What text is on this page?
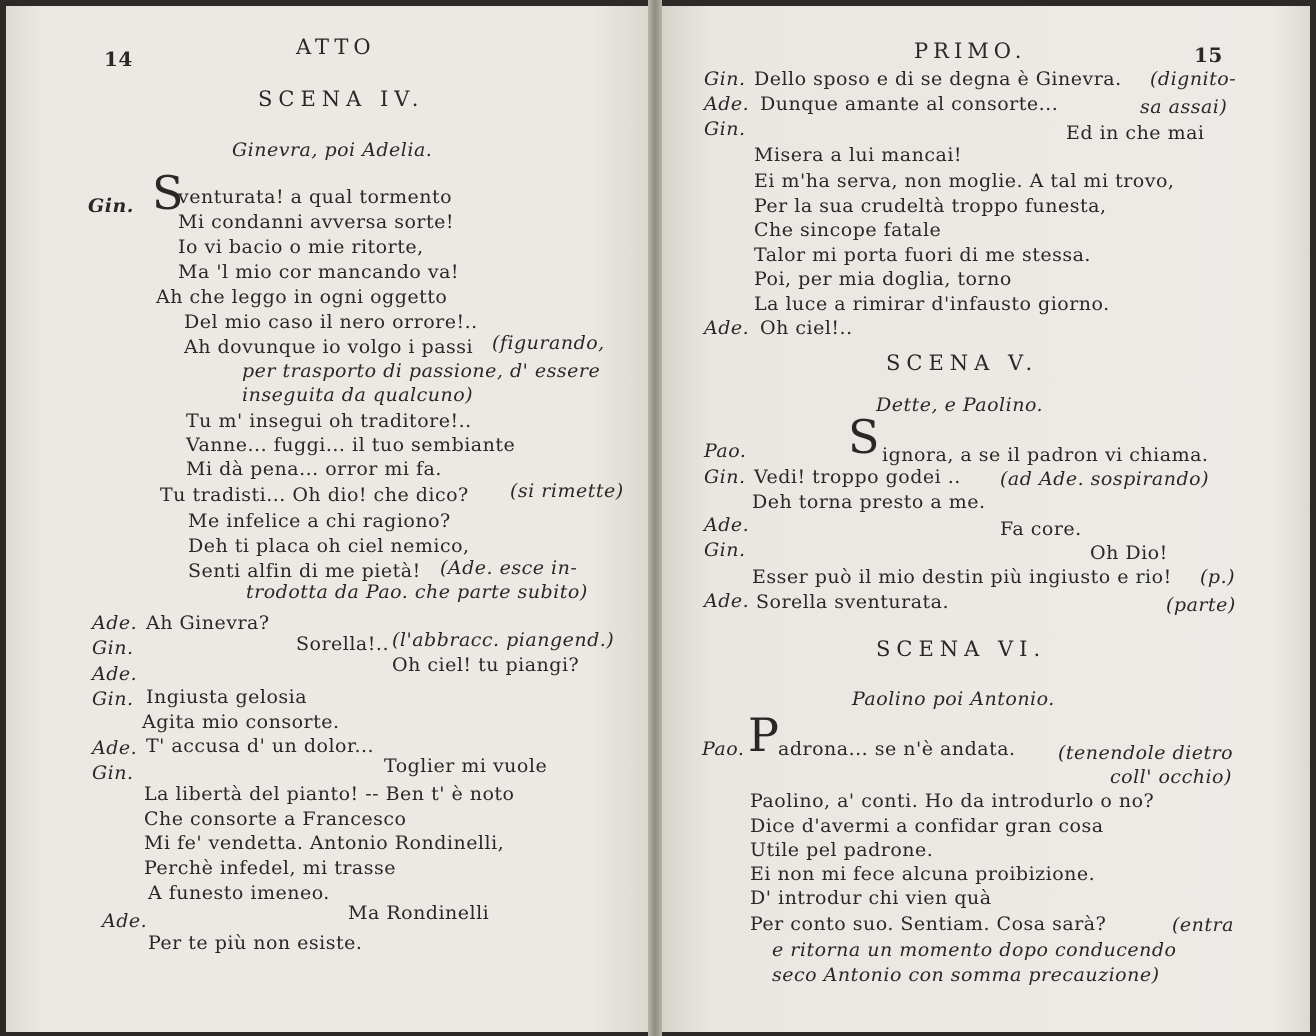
14	ATTO
SCENA IV.
Ginevra, poi Adelia.
Gin. S
venturata! a qual tormento
Mi condanni avversa sorte!
Io vi bacio o mie ritorte,
Ma 'l mio cor mancando va!
Ah che leggo in ogni oggetto
Del mio caso il nero orrore!..
Ah dovunque io volgo i passi (figurando,
per trasporto di passione, d' essere
inseguita da qualcuno)
Tu m' insegui oh traditore!..
Vanne... fuggi... il tuo sembiante
Mi dà pena... orror mi fa.
Tu tradisti... Oh dio! che dico? (si rimette)
Me infelice a chi ragiono?
Deh ti placa oh ciel nemico,
Senti alfin di me pietà! (Ade. esce in-
trodotta da Pao. che parte subito)
Ade. Ah Ginevra?
Gin.	Sorella!.. (l'abbracc. piangend.)
Ade.	Oh ciel! tu piangi?
Gin. Ingiusta gelosia
Agita mio consorte.
Ade. T' accusa d' un dolor...
Gin.	Toglier mi vuole
La libertà del pianto! -- Ben t' è noto
Che consorte a Francesco
Mi fe' vendetta. Antonio Rondinelli,
Perchè infedel, mi trasse
A funesto imeneo.
Ade.	Ma Rondinelli
Per te più non esiste.
PRIMO.	15
Gin. Dello sposo e di se degna è Ginevra. (dignito-
Ade. Dunque amante al consorte...	sa assai)
Gin.	Ed in che mai
Misera a lui mancai!
Ei m'ha serva, non moglie. A tal mi trovo,
Per la sua crudeltà troppo funesta,
Che sincope fatale
Talor mi porta fuori di me stessa.
Poi, per mia doglia, torno
La luce a rimirar d'infausto giorno.
Ade. Oh ciel!..
SCENA V.
Dette, e Paolino.
Pao. S ignora, a se il padron vi chiama.
Gin. Vedi! troppo godei .. (ad Ade. sospirando)
Deh torna presto a me.
Ade.	Fa core.
Gin.	Oh Dio!
Esser può il mio destin più ingiusto e rio! (p.)
Ade. Sorella sventurata.	(parte)
SCENA VI.
Paolino poi Antonio.
Pao. P adrona... se n'è andata. (tenendole dietro
coll' occhio)
Paolino, a' conti. Ho da introdurlo o no?
Dice d'avermi a confidar gran cosa
Utile pel padrone.
Ei non mi fece alcuna proibizione.
D' introdur chi vien quà
Per conto suo. Sentiam. Cosa sarà?	(entra
e ritorna un momento dopo conducendo
seco Antonio con somma precauzione)
